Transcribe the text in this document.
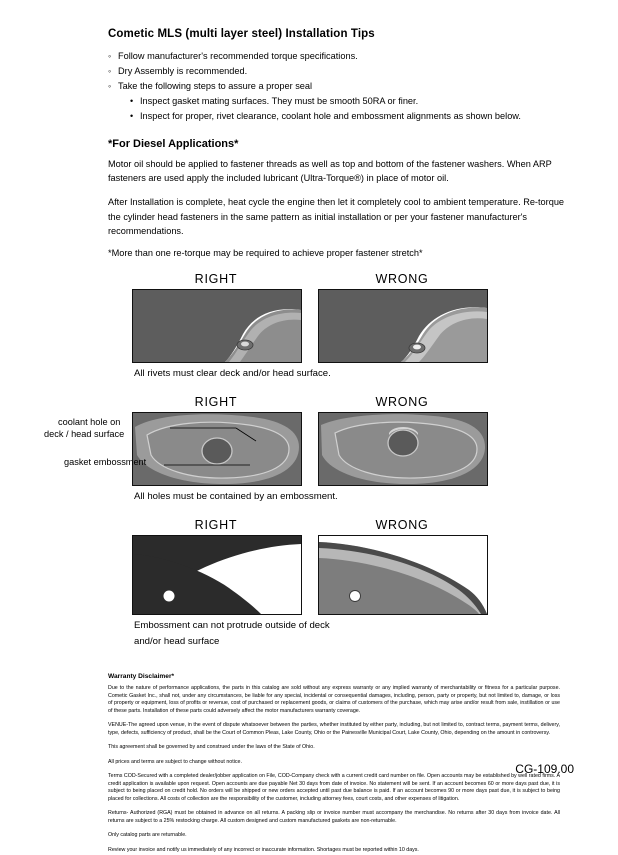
Cometic MLS (multi layer steel) Installation Tips
◦ Follow manufacturer's recommended torque specifications.
◦ Dry Assembly is recommended.
◦ Take the following steps to assure a proper seal
• Inspect gasket mating surfaces. They must be smooth 50RA or finer.
• Inspect for proper, rivet clearance, coolant hole and embossment alignments as shown below.
*For Diesel Applications*

Motor oil should be applied to fastener threads as well as top and bottom of the fastener washers. When ARP fasteners are used apply the included lubricant (Ultra-Torque®) in place of motor oil.

After Installation is complete, heat cycle the engine then let it completely cool to ambient temperature. Re-torque the cylinder head fasteners in the same pattern as initial installation or per your fastener manufacturer's recommendations.

*More than one re-torque may be required to achieve proper fastener stretch*

RIGHT	WRONG
All rivets must clear deck and/or head surface.
RIGHT	WRONG
coolant hole on
deck / head surface
gasket embossment
All holes must be contained by an embossment.
RIGHT	WRONG
Embossment can not protrude outside of deck
and/or head surface
Warranty Disclaimer*

Due to the nature of performance applications, the parts in this catalog are sold without any express warranty or any implied warranty of merchantability or fitness for a particular purpose. Cometic Gasket Inc., shall not, under any circumstances, be liable for any special, incidental or consequential damages, including, person, party or property, but not limited to, damage, or loss of property or equipment, loss of profits or revenue, cost of purchased or replacement goods, or claims of customers of the purchase, which may arise and/or result from sale, instillation or use of these parts. Installation of these parts could adversely affect the motor manufacturers warranty coverage.

VENUE-The agreed upon venue, in the event of dispute whatsoever between the parties, whether instituted by either party, including, but not limited to, contract terms, payment terms, delivery, type, defects, sufficiency of product, shall be the Court of Common Pleas, Lake County, Ohio or the Painesville Municipal Court, Lake County, Ohio, depending on the amount in controversy.

This agreement shall be governed by and construed under the laws of the State of Ohio.

All prices and terms are subject to change without notice.

Terms COD-Secured with a completed dealer/jobber application on File, COD-Company check with a current credit card number on file. Open accounts may be established by well rated firms. A credit application is available upon request. Open accounts are due payable Net 30 days from date of invoice. No statement will be sent. If an account becomes 60 or more days past due, it is subject to being placed on credit hold. No orders will be shipped or new orders accepted until past due balance is paid. If an account becomes 90 or more days past due, it is subject to being placed for collections. All costs of collection are the responsibility of the customer, including attorney fees, court costs, and other expenses of litigation.

Returns- Authorized (RGA) must be obtained in advance on all returns. A packing slip or invoice number must accompany the merchandise. No returns after 30 days from invoice date. All returns are subject to a 25% restocking charge. All custom designed and custom manufactured gaskets are non-returnable.

Only catalog parts are returnable.

Review your invoice and notify us immediately of any incorrect or inaccurate information. Shortages must be reported within 10 days.

CG-109.00
